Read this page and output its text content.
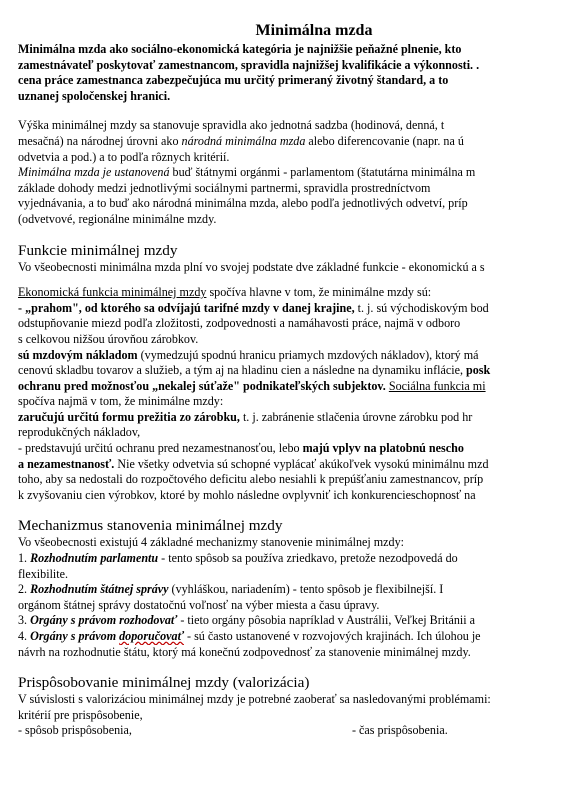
Minimálna mzda

Minimálna mzda ako sociálno-ekonomická kategória je najnižšie peňažné plnenie, kto

zamestnávateľ poskytovať zamestnancom, spravidla najnižšej kvalifikácie a výkonnosti. .

cena práce zamestnanca zabezpečujúca mu určitý primeraný životný štandard, a to

uznanej spoločenskej hranici.

Výška minimálnej mzdy sa stanovuje spravidla ako jednotná sadzba (hodinová, denná, t

mesačná) na národnej úrovni ako národná minimálna mzda alebo diferencovanie (napr. na ú

odvetvia a pod.) a to podľa rôznych kritérií.

Minimálna mzda je ustanovená buď štátnymi orgánmi - parlamentom (štatutárna minimálna m

základe dohody medzi jednotlivými sociálnymi partnermi, spravidla prostredníctvom

vyjednávania, a to buď ako národná minimálna mzda, alebo podľa jednotlivých odvetví, príp

(odvetvové, regionálne minimálne mzdy.

Funkcie minimálnej mzdy

Vo všeobecnosti minimálna mzda plní vo svojej podstate dve základné funkcie - ekonomickú a s

Ekonomická funkcia minimálnej mzdy spočíva hlavne v tom, že minimálne mzdy sú:

- „prahom", od ktorého sa odvíjajú tarifné mzdy v danej krajine, t. j. sú východiskovým bod

odstupňovanie miezd podľa zložitosti, zodpovednosti a namáhavosti práce, najmä v odboro

s celkovou nižšou úrovňou zárobkov.

sú mzdovým nákladom (vymedzujú spodnú hranicu priamych mzdových nákladov), ktorý má

cenovú skladbu tovarov a služieb, a tým aj na hladinu cien a následne na dynamiku inflácie, posk

ochranu pred možnosťou „nekalej súťaže" podnikateľských subjektov. Sociálna funkcia mi

spočíva najmä v tom, že minimálne mzdy:

zaručujú určitú formu prežitia zo zárobku, t. j. zabránenie stlačenia úrovne zárobku pod hr

reprodukčných nákladov,

- predstavujú určitú ochranu pred nezamestnanosťou, lebo majú vplyv na platobnú nescho

a nezamestnanosť. Nie všetky odvetvia sú schopné vyplácať akúkoľvek vysokú minimálnu mzd

toho, aby sa nedostali do rozpočtového deficitu alebo nesiahli k prepúšťaniu zamestnancov, príp

k zvyšovaniu cien výrobkov, ktoré by mohlo následne ovplyvniť ich konkurencieschopnosť na

Mechanizmus stanovenia minimálnej mzdy

Vo všeobecnosti existujú 4 základné mechanizmy stanovenie minimálnej mzdy:

1. Rozhodnutím parlamentu - tento spôsob sa používa zriedkavo, pretože nezodpovedá do

flexibilite.

2. Rozhodnutím štátnej správy (vyhláškou, nariadením) - tento spôsob je flexibilnejší. I

orgánom štátnej správy dostatočnú voľnosť na výber miesta a času úpravy.

3. Orgány s právom rozhodovať - tieto orgány pôsobia napríklad v Austrálii, Veľkej Británii a

4. Orgány s právom doporučovať - sú často ustanovené v rozvojových krajinách. Ich úlohou je

návrh na rozhodnutie štátu, ktorý má konečnú zodpovednosť za stanovenie minimálnej mzdy.

Prispôsobovanie minimálnej mzdy (valorizácia)

V súvislosti s valorizáciou minimálnej mzdy je potrebné zaoberať sa nasledovanými problémami:

kritérií pre prispôsobenie,

- spôsob prispôsobenia,	- čas prispôsobenia.
